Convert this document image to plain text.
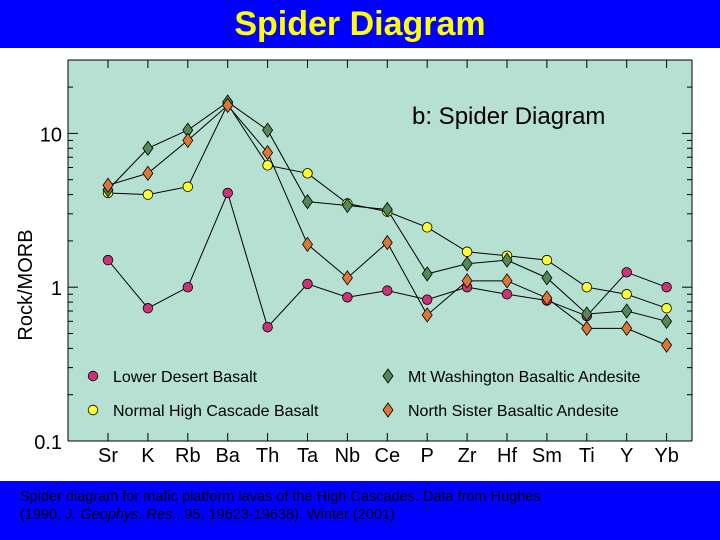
Spider Diagram
0.1
1
10
Sr K Rb Ba Th Ta Nb Ce P Zr Hf Sm Ti Y Yb
b: Spider Diagram
Rock/MORB
Lower Desert Basalt
Normal High Cascade Basalt
Mt Washington Basaltic Andesite
North Sister Basaltic Andesite
Spider diagram for mafic platform lavas of the High Cascades. Data from Hughes
(1990, J. Geophys. Res., 95, 19623-19638). Winter (2001)
